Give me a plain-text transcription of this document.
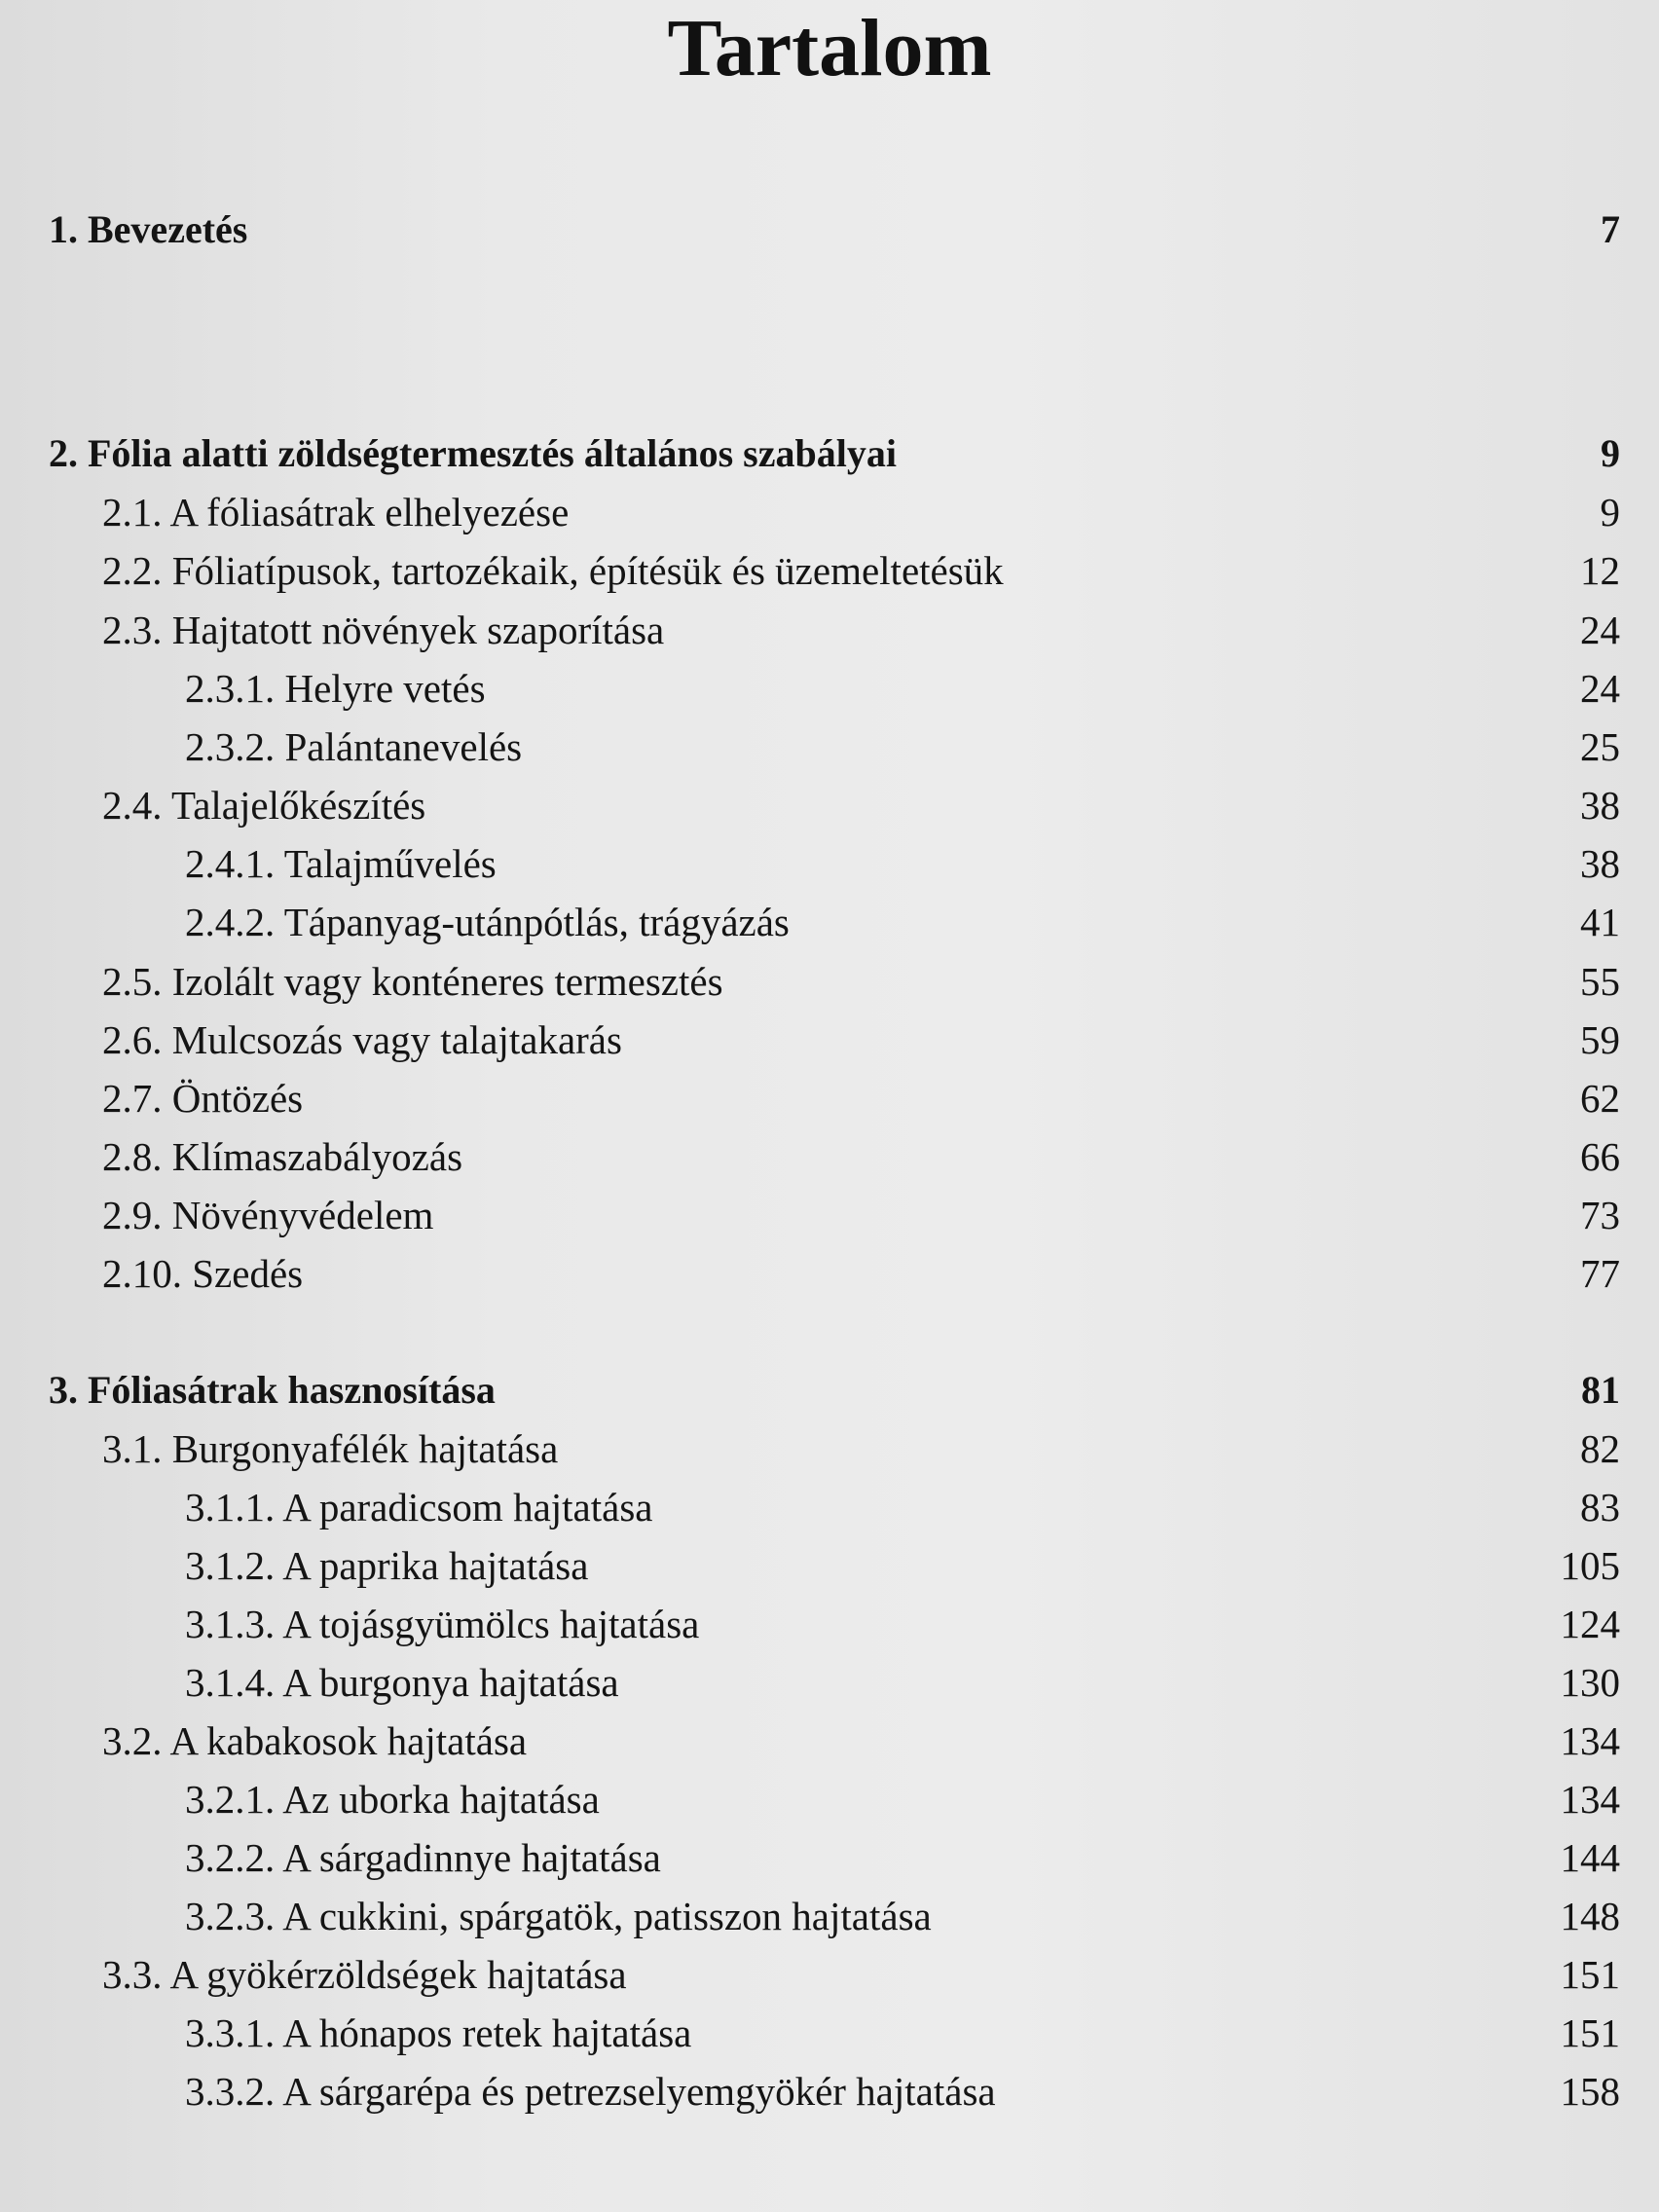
Tartalom
1. Bevezetés	7
2. Fólia alatti zöldségtermesztés általános szabályai	9
2.1. A fóliasátrak elhelyezése	9
2.2. Fóliatípusok, tartozékaik, építésük és üzemeltetésük	12
2.3. Hajtatott növények szaporítása	24
2.3.1. Helyre vetés	24
2.3.2. Palántanevelés	25
2.4. Talajelőkészítés	38
2.4.1. Talajművelés	38
2.4.2. Tápanyag-utánpótlás, trágyázás	41
2.5. Izolált vagy konténeres termesztés	55
2.6. Mulcsozás vagy talajtakarás	59
2.7. Öntözés	62
2.8. Klímaszabályozás	66
2.9. Növényvédelem	73
2.10. Szedés	77
3. Fóliasátrak hasznosítása	81
3.1. Burgonyafélék hajtatása	82
3.1.1. A paradicsom hajtatása	83
3.1.2. A paprika hajtatása	105
3.1.3. A tojásgyümölcs hajtatása	124
3.1.4. A burgonya hajtatása	130
3.2. A kabakosok hajtatása	134
3.2.1. Az uborka hajtatása	134
3.2.2. A sárgadinnye hajtatása	144
3.2.3. A cukkini, spárgatök, patisszon hajtatása	148
3.3. A gyökérzöldségek hajtatása	151
3.3.1. A hónapos retek hajtatása	151
3.3.2. A sárgarépa és petrezselyemgyökér hajtatása	158
